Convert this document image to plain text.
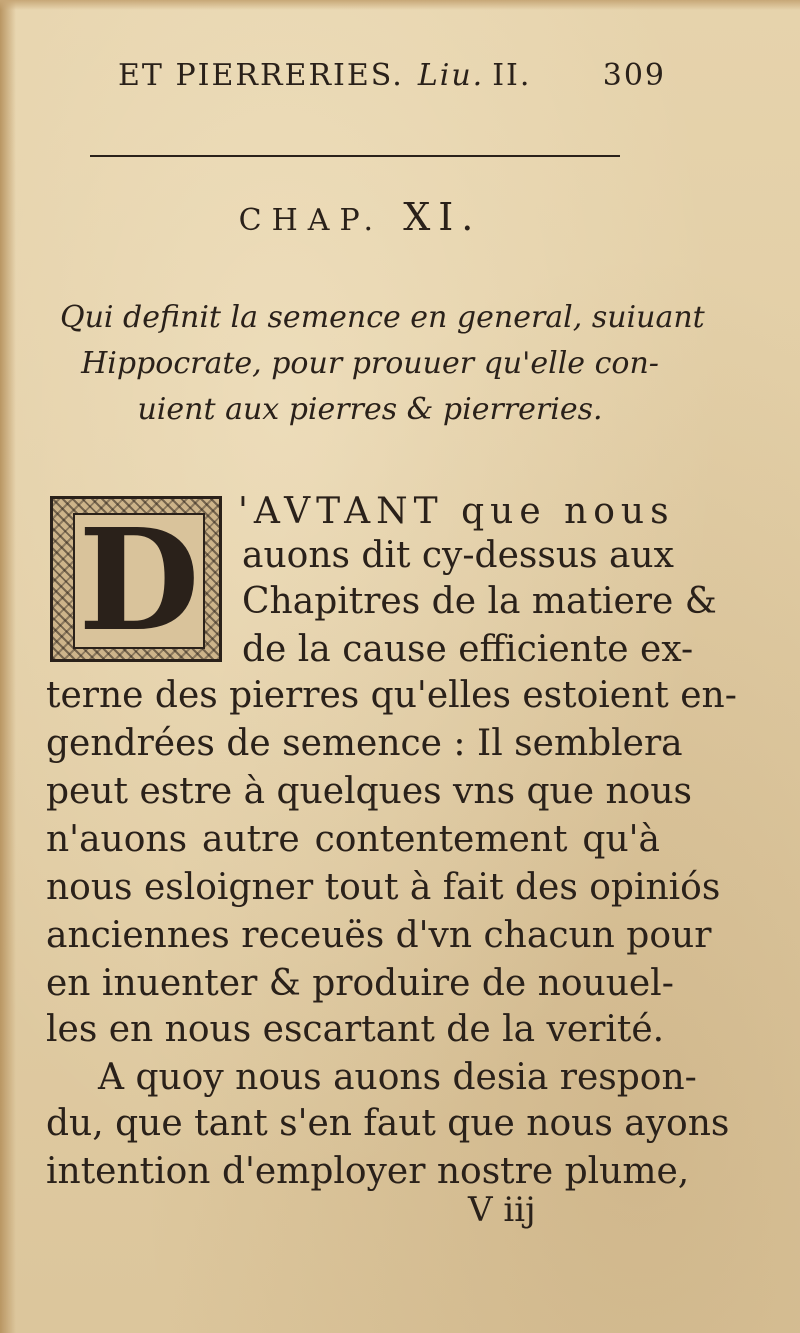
ET PIERRERIES. Liu. II. 309
CHAP. XI.
Qui definit la semence en general, suiuant
Hippocrate, pour prouuer qu'elle con-
uient aux pierres & pierreries.
D 'AVTANT que nous
auons dit cy-dessus aux
Chapitres de la matiere &
de la cause efficiente ex-
terne des pierres qu'elles estoient en-
gendrées de semence : Il semblera
peut estre à quelques vns que nous
n'auons autre contentement qu'à
nous esloigner tout à fait des opiniós
anciennes receuës d'vn chacun pour
en inuenter & produire de nouuel-
les en nous escartant de la verité.
A quoy nous auons desia respon-
du, que tant s'en faut que nous ayons
intention d'employer nostre plume,
V iij
